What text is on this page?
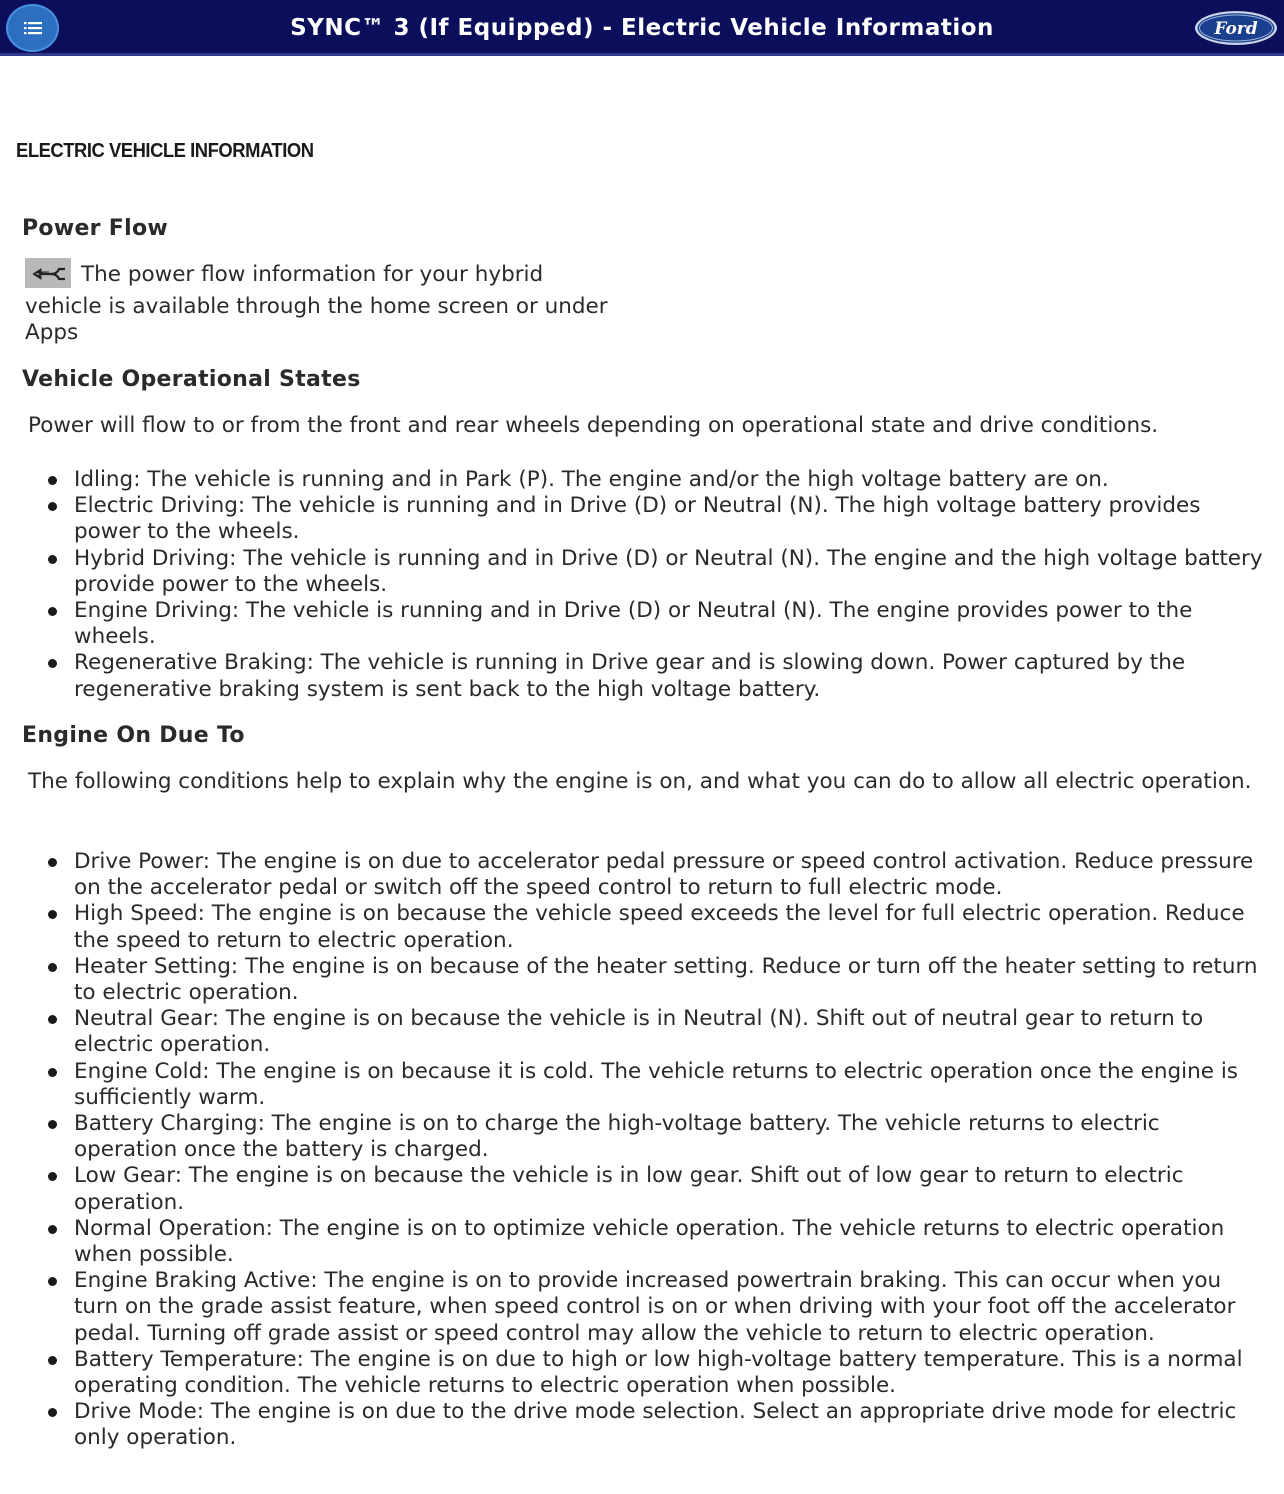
SYNC™ 3 (If Equipped) - Electric Vehicle Information	Ford
ELECTRIC VEHICLE INFORMATION
Power Flow
The power flow information for your hybrid
vehicle is available through the home screen or under
Apps
Vehicle Operational States

Power will flow to or from the front and rear wheels depending on operational state and drive conditions.

Idling: The vehicle is running and in Park (P). The engine and/or the high voltage battery are on.
Electric Driving: The vehicle is running and in Drive (D) or Neutral (N). The high voltage battery provides power to the wheels.
Hybrid Driving: The vehicle is running and in Drive (D) or Neutral (N). The engine and the high voltage battery provide power to the wheels.
Engine Driving: The vehicle is running and in Drive (D) or Neutral (N). The engine provides power to the wheels.
Regenerative Braking: The vehicle is running in Drive gear and is slowing down. Power captured by the regenerative braking system is sent back to the high voltage battery.
Engine On Due To

The following conditions help to explain why the engine is on, and what you can do to allow all electric operation.

Drive Power: The engine is on due to accelerator pedal pressure or speed control activation. Reduce pressure on the accelerator pedal or switch off the speed control to return to full electric mode.
High Speed: The engine is on because the vehicle speed exceeds the level for full electric operation. Reduce the speed to return to electric operation.
Heater Setting: The engine is on because of the heater setting. Reduce or turn off the heater setting to return to electric operation.
Neutral Gear: The engine is on because the vehicle is in Neutral (N). Shift out of neutral gear to return to electric operation.
Engine Cold: The engine is on because it is cold. The vehicle returns to electric operation once the engine is sufficiently warm.
Battery Charging: The engine is on to charge the high-voltage battery. The vehicle returns to electric operation once the battery is charged.
Low Gear: The engine is on because the vehicle is in low gear. Shift out of low gear to return to electric operation.
Normal Operation: The engine is on to optimize vehicle operation. The vehicle returns to electric operation when possible.
Engine Braking Active: The engine is on to provide increased powertrain braking. This can occur when you turn on the grade assist feature, when speed control is on or when driving with your foot off the accelerator pedal. Turning off grade assist or speed control may allow the vehicle to return to electric operation.
Battery Temperature: The engine is on due to high or low high-voltage battery temperature. This is a normal operating condition. The vehicle returns to electric operation when possible.
Drive Mode: The engine is on due to the drive mode selection. Select an appropriate drive mode for electric only operation.
